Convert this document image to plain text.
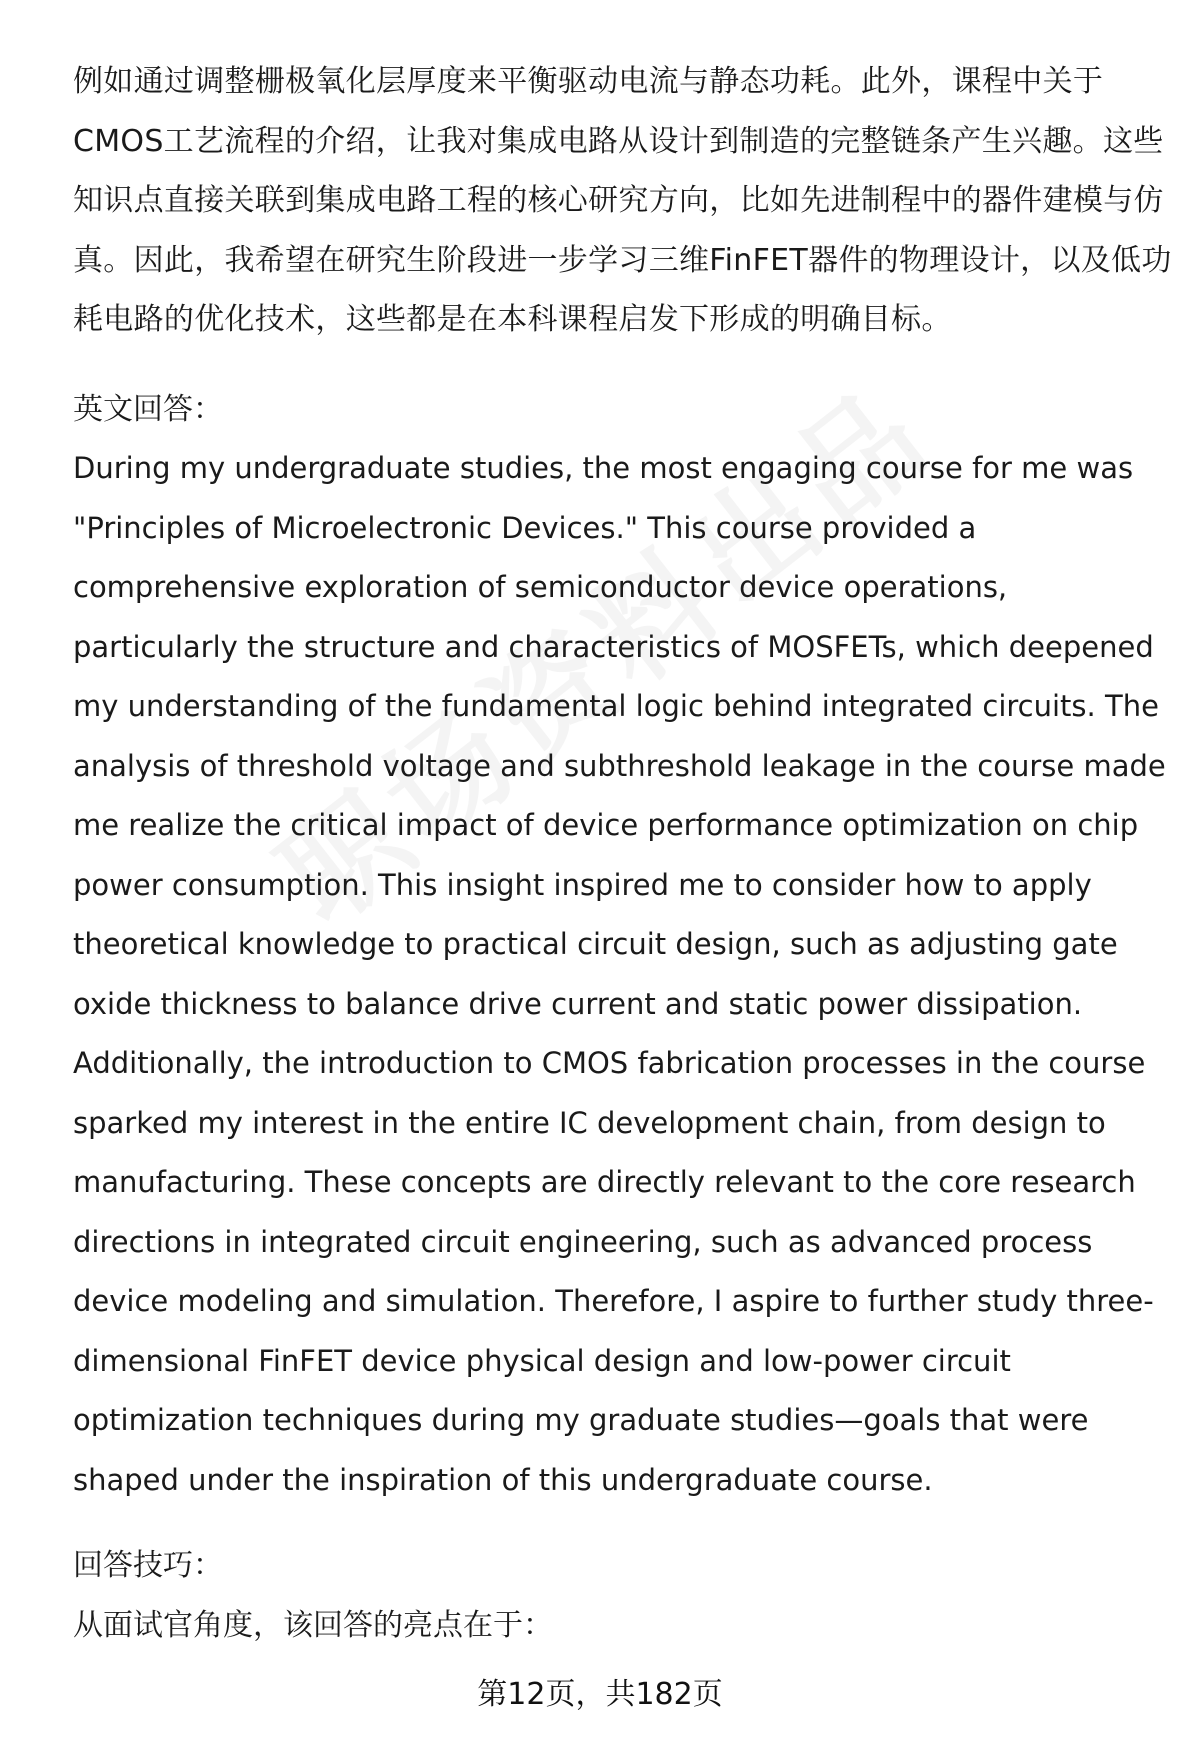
例如通过调整栅极氧化层厚度来平衡驱动电流与静态功耗。此外，课程中关于
CMOS工艺流程的介绍，让我对集成电路从设计到制造的完整链条产生兴趣。这些
知识点直接关联到集成电路工程的核心研究方向，比如先进制程中的器件建模与仿
真。因此，我希望在研究生阶段进一步学习三维FinFET器件的物理设计，以及低功
耗电路的优化技术，这些都是在本科课程启发下形成的明确目标。
英文回答：
During my undergraduate studies, the most engaging course for me was
"Principles of Microelectronic Devices." This course provided a
comprehensive exploration of semiconductor device operations,
particularly the structure and characteristics of MOSFETs, which deepened
my understanding of the fundamental logic behind integrated circuits. The
analysis of threshold voltage and subthreshold leakage in the course made
me realize the critical impact of device performance optimization on chip
power consumption. This insight inspired me to consider how to apply
theoretical knowledge to practical circuit design, such as adjusting gate
oxide thickness to balance drive current and static power dissipation.
Additionally, the introduction to CMOS fabrication processes in the course
sparked my interest in the entire IC development chain, from design to
manufacturing. These concepts are directly relevant to the core research
directions in integrated circuit engineering, such as advanced process
device modeling and simulation. Therefore, I aspire to further study three-
dimensional FinFET device physical design and low-power circuit
optimization techniques during my graduate studies—goals that were
shaped under the inspiration of this undergraduate course.
回答技巧：
从面试官角度，该回答的亮点在于：
第12页，共182页
